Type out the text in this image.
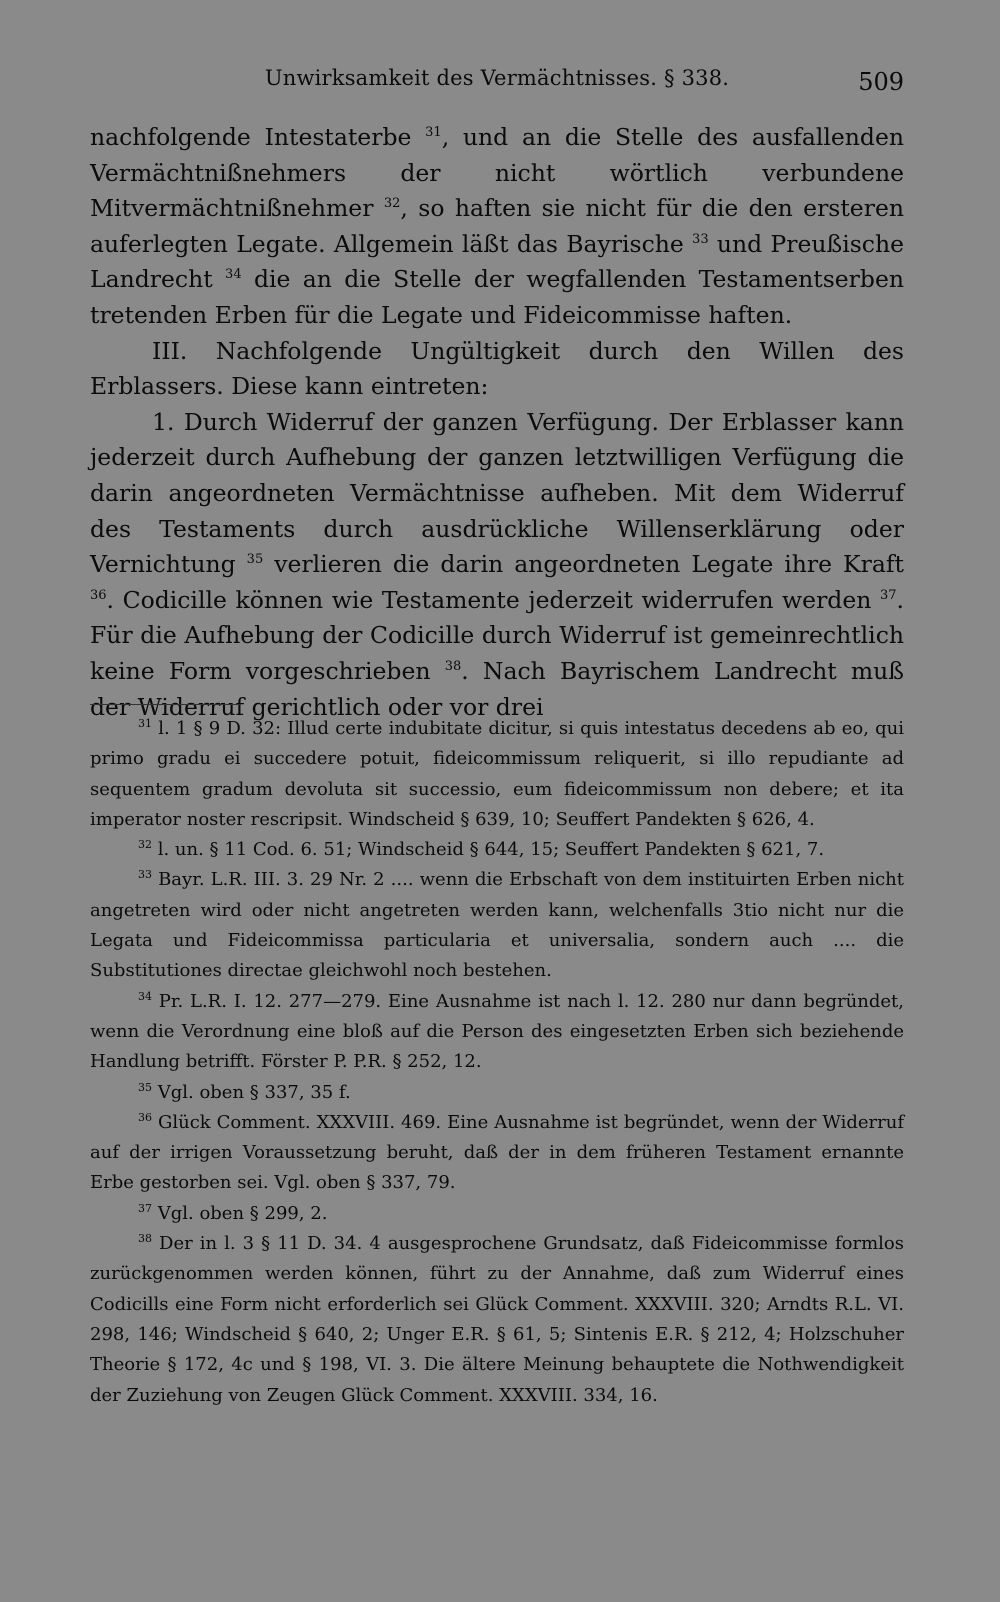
Unwirksamkeit des Vermächtnisses. § 338.	509

nachfolgende Intestaterbe $^{31}$, und an die Stelle des ausfallenden Vermächtnißnehmers der nicht wörtlich verbundene Mitvermächtnißnehmer $^{32}$, so haften sie nicht für die den ersteren auferlegten Legate. Allgemein läßt das Bayrische $^{33}$ und Preußische Landrecht $^{34}$ die an die Stelle der wegfallenden Testamentserben tretenden Erben für die Legate und Fideicommisse haften.

III. Nachfolgende Ungültigkeit durch den Willen des Erblassers. Diese kann eintreten:

1. Durch Widerruf der ganzen Verfügung. Der Erblasser kann jederzeit durch Aufhebung der ganzen letztwilligen Verfügung die darin angeordneten Vermächtnisse aufheben. Mit dem Widerruf des Testaments durch ausdrückliche Willenserklärung oder Vernichtung $^{35}$ verlieren die darin angeordneten Legate ihre Kraft $^{36}$. Codicille können wie Testamente jederzeit widerrufen werden $^{37}$. Für die Aufhebung der Codicille durch Widerruf ist gemeinrechtlich keine Form vorgeschrieben $^{38}$. Nach Bayrischem Landrecht muß der Widerruf gerichtlich oder vor drei

$^{31}$ l. 1 § 9 D. 32: Illud certe indubitate dicitur, si quis intestatus decedens ab eo, qui primo gradu ei succedere potuit, fideicommissum reliquerit, si illo repudiante ad sequentem gradum devoluta sit successio, eum fideicommissum non debere; et ita imperator noster rescripsit. Windscheid § 639, 10; Seuffert Pandekten § 626, 4.

$^{32}$ l. un. § 11 Cod. 6. 51; Windscheid § 644, 15; Seuffert Pandekten § 621, 7.

$^{33}$ Bayr. L.R. III. 3. 29 Nr. 2 .... wenn die Erbschaft von dem instituirten Erben nicht angetreten wird oder nicht angetreten werden kann, welchenfalls 3tio nicht nur die Legata und Fideicommissa particularia et universalia, sondern auch .... die Substitutiones directae gleichwohl noch bestehen.

$^{34}$ Pr. L.R. I. 12. 277—279. Eine Ausnahme ist nach l. 12. 280 nur dann begründet, wenn die Verordnung eine bloß auf die Person des eingesetzten Erben sich beziehende Handlung betrifft. Förster P. P.R. § 252, 12.

$^{35}$ Vgl. oben § 337, 35 f.

$^{36}$ Glück Comment. XXXVIII. 469. Eine Ausnahme ist begründet, wenn der Widerruf auf der irrigen Voraussetzung beruht, daß der in dem früheren Testament ernannte Erbe gestorben sei. Vgl. oben § 337, 79.

$^{37}$ Vgl. oben § 299, 2.

$^{38}$ Der in l. 3 § 11 D. 34. 4 ausgesprochene Grundsatz, daß Fideicommisse formlos zurückgenommen werden können, führt zu der Annahme, daß zum Widerruf eines Codicills eine Form nicht erforderlich sei Glück Comment. XXXVIII. 320; Arndts R.L. VI. 298, 146; Windscheid § 640, 2; Unger E.R. § 61, 5; Sintenis E.R. § 212, 4; Holzschuher Theorie § 172, 4c und § 198, VI. 3. Die ältere Meinung behauptete die Nothwendigkeit der Zuziehung von Zeugen Glück Comment. XXXVIII. 334, 16.
